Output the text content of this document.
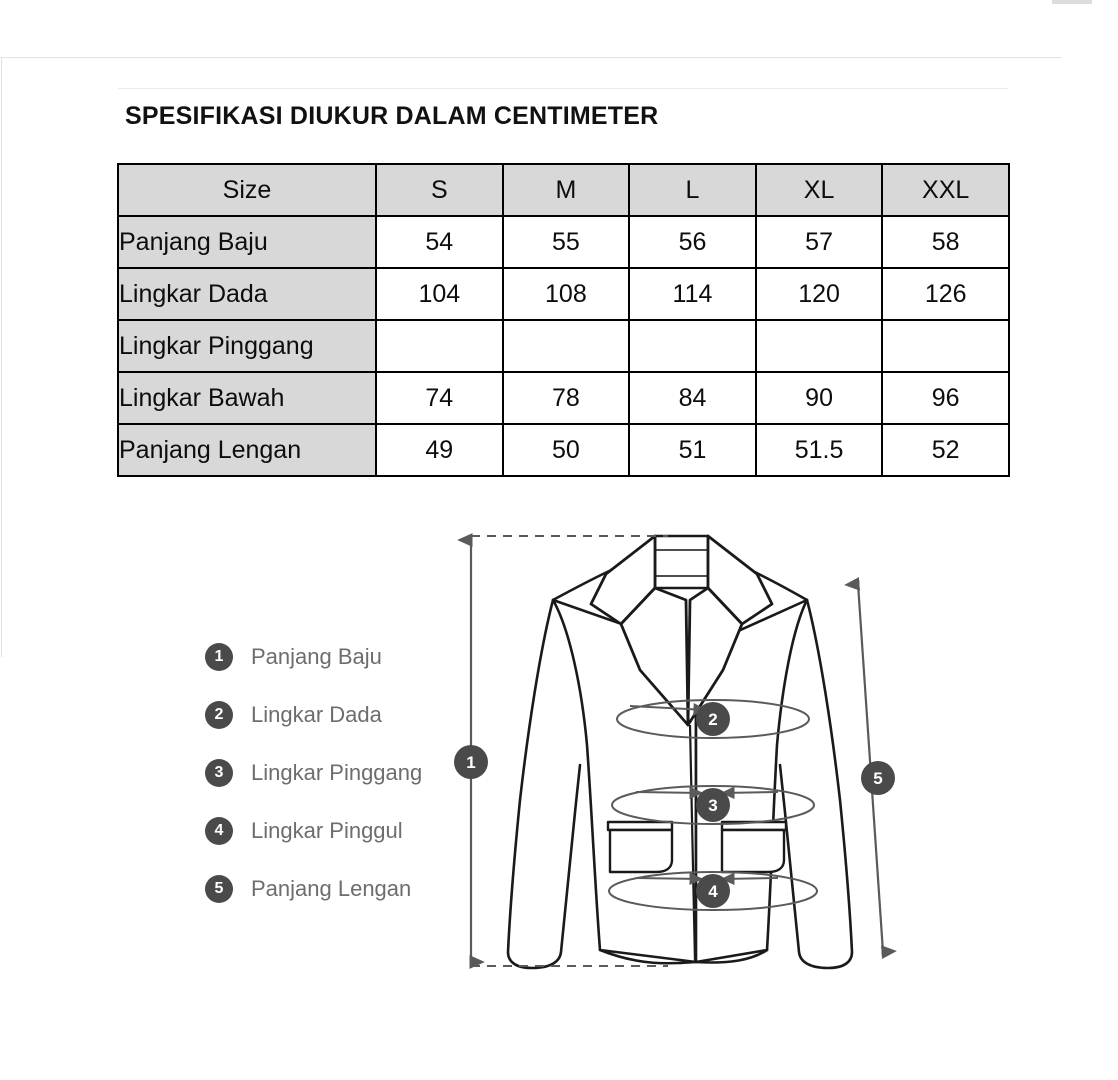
SPESIFIKASI DIUKUR DALAM CENTIMETER
Size	S	M	L	XL	XXL
Panjang Baju	54	55	56	57	58
Lingkar Dada	104	108	114	120	126
Lingkar Pinggang					
Lingkar Bawah	74	78	84	90	96
Panjang Lengan	49	50	51	51.5	52
1	Panjang Baju
2	Lingkar Dada
3	Lingkar Pinggang
4	Lingkar Pinggul
5	Panjang Lengan
1
2
3
4
5
